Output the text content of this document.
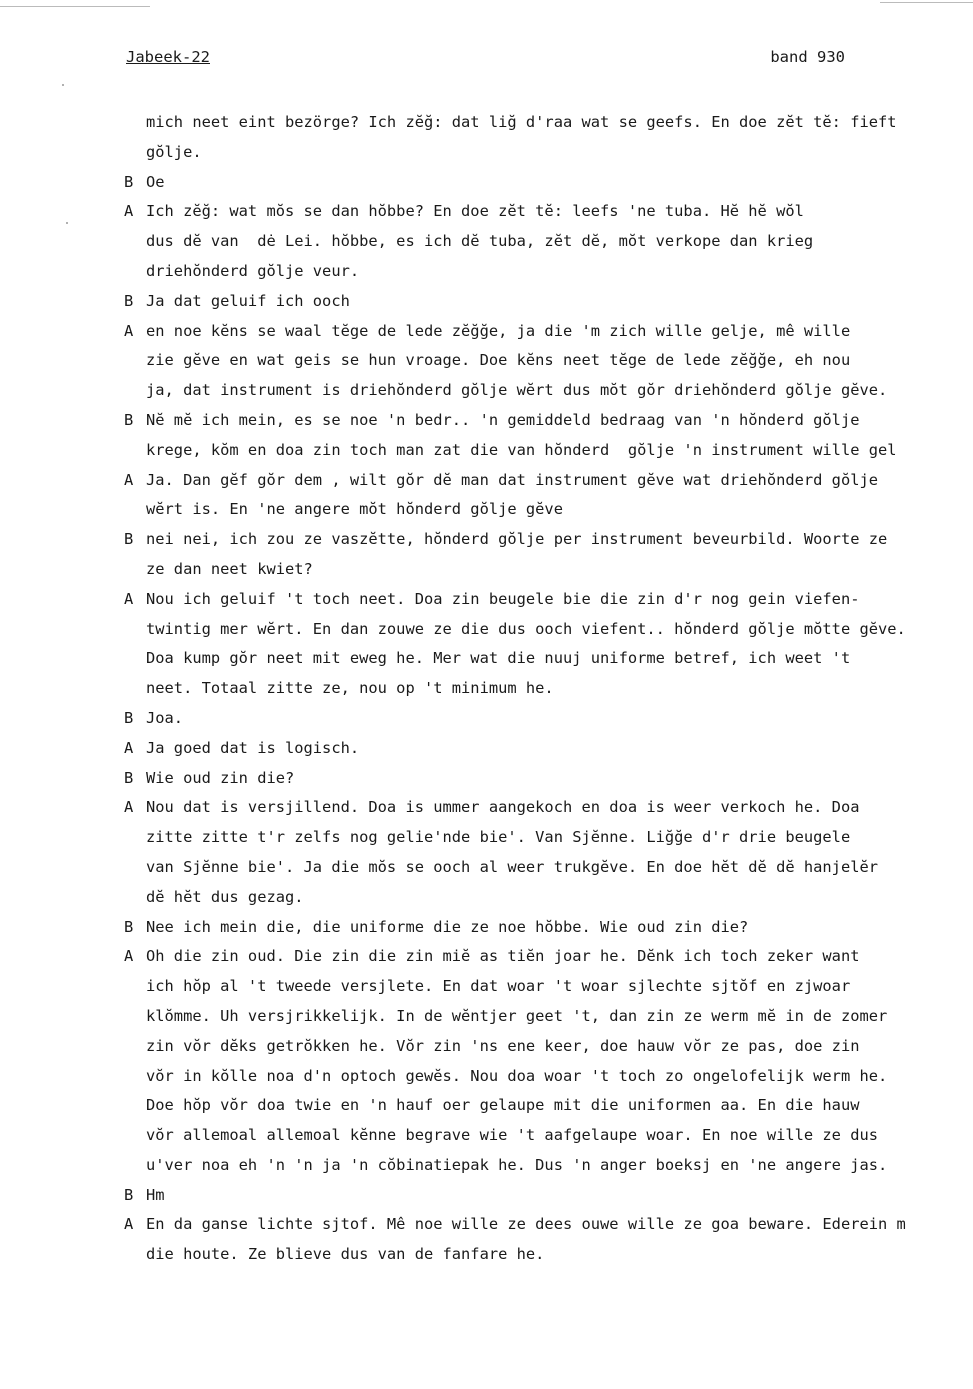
Jabeek-22	band 930
mich neet eint bezörge? Ich zĕğ: dat liğ d'raa wat se geefs. En doe zĕt tĕ: fieft
gŏlje.
B Oe
A Ich zĕğ: wat mŏs se dan hŏbbe? En doe zĕt tĕ: leefs 'ne tuba. Hĕ hĕ wŏl
dus dĕ van  dė Lei. hŏbbe, es ich dĕ tuba, zĕt dĕ, mŏt verkope dan krieg
driehŏnderd gŏlje veur.
B Ja dat geluif ich ooch
A en noe kĕns se waal tĕge de lede zĕğğe, ja die 'm zich wille gelje, mê wille
zie gĕve en wat geis se hun vroage. Doe kĕns neet tĕge de lede zĕğğe, eh nou
ja, dat instrument is driehŏnderd gŏlje wĕrt dus mŏt gŏr driehŏnderd gŏlje gĕve.
B Nĕ mĕ ich mein, es se noe 'n bedr.. 'n gemiddeld bedraag van 'n hŏnderd gŏlje
krege, kŏm en doa zin toch man zat die van hŏnderd  gŏlje 'n instrument wille gel
A Ja. Dan gĕf gŏr dem , wilt gŏr dĕ man dat instrument gĕve wat driehŏnderd gŏlje
wĕrt is. En 'ne angere mŏt hŏnderd gŏlje gĕve
B nei nei, ich zou ze vaszĕtte, hŏnderd gŏlje per instrument beveurbild. Woorte ze
ze dan neet kwiet?
A Nou ich geluif 't toch neet. Doa zin beugele bie die zin d'r nog gein viefen-
twintig mer wĕrt. En dan zouwe ze die dus ooch viefent.. hŏnderd gŏlje mŏtte gĕve.
Doa kump gŏr neet mit eweg he. Mer wat die nuuj uniforme betref, ich weet 't
neet. Totaal zitte ze, nou op 't minimum he.
B Joa.
A Ja goed dat is logisch.
B Wie oud zin die?
A Nou dat is versjillend. Doa is ummer aangekoch en doa is weer verkoch he. Doa
zitte zitte t'r zelfs nog gelie'nde bie'. Van Sjĕnne. Liğğe d'r drie beugele
van Sjĕnne bie'. Ja die mŏs se ooch al weer trukgĕve. En doe hĕt dĕ dĕ hanjelĕr
dĕ hĕt dus gezag.
B Nee ich mein die, die uniforme die ze noe hŏbbe. Wie oud zin die?
A Oh die zin oud. Die zin die zin miĕ as tiĕn joar he. Dĕnk ich toch zeker want
ich hŏp al 't tweede versjlete. En dat woar 't woar sjlechte sjtŏf en zjwoar
klŏmme. Uh versjrikkelijk. In de wĕntjer geet 't, dan zin ze werm mĕ in de zomer
zin vŏr dĕks getrŏkken he. Vŏr zin 'ns ene keer, doe hauw vŏr ze pas, doe zin
vŏr in kŏlle noa d'n optoch gewĕs. Nou doa woar 't toch zo ongelofelijk werm he.
Doe hŏp vŏr doa twie en 'n hauf oer gelaupe mit die uniformen aa. En die hauw
vŏr allemoal allemoal kĕnne begrave wie 't aafgelaupe woar. En noe wille ze dus
u'ver noa eh 'n 'n ja 'n cŏbinatiepak he. Dus 'n anger boeksj en 'ne angere jas.
B Hm
A En da ganse lichte sjtof. Mê noe wille ze dees ouwe wille ze goa beware. Ederein m
die houte. Ze blieve dus van de fanfare he.
